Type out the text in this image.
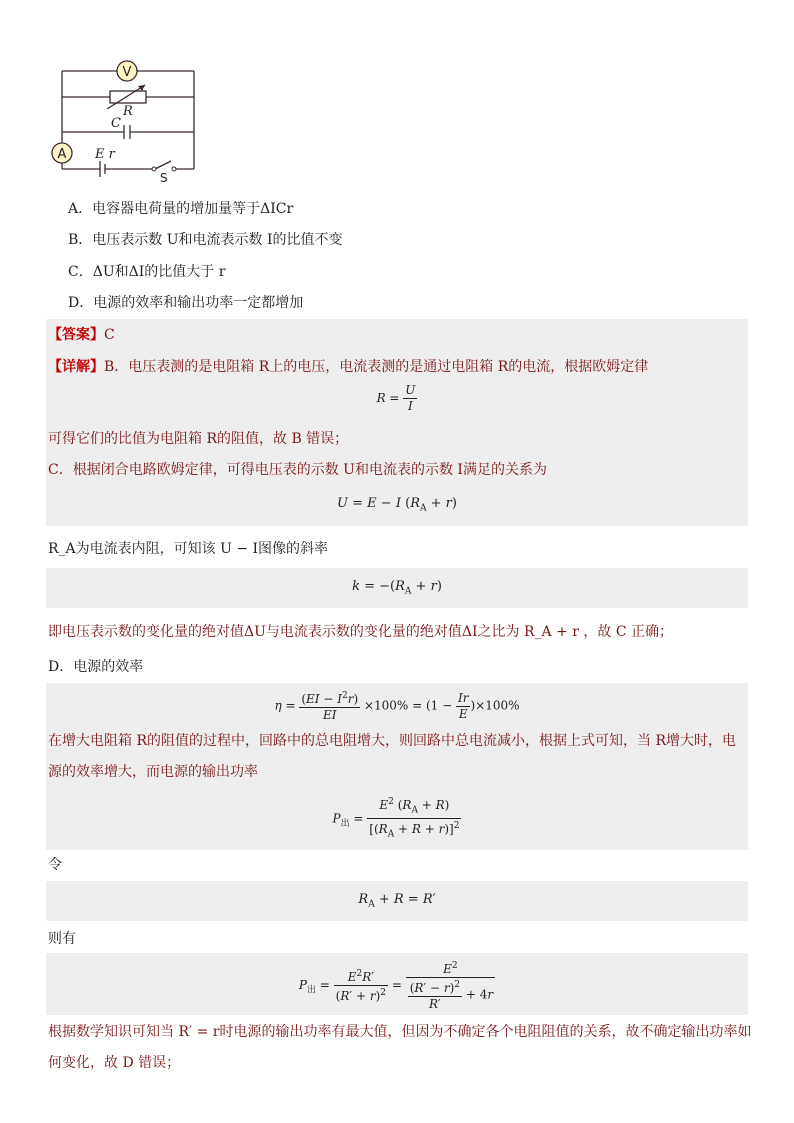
V
A
R
C
E r
S
A．电容器电荷量的增加量等于ΔICr
B．电压表示数 U和电流表示数 I的比值不变
C．ΔU和ΔI的比值大于 r
D．电源的效率和输出功率一定都增加
【答案】C
【详解】B．电压表测的是电阻箱 R上的电压，电流表测的是通过电阻箱 R的电流，根据欧姆定律
$R = \frac{U}{I}$
可得它们的比值为电阻箱 R的阻值，故 B 错误；
C．根据闭合电路欧姆定律，可得电压表的示数 U和电流表的示数 I满足的关系为
U = E − I $(R_A + r)$
R_A为电流表内阻，可知该 U − I图像的斜率
$k = -(R_A + r)$
即电压表示数的变化量的绝对值ΔU与电流表示数的变化量的绝对值ΔI之比为 R_A + r ，故 C 正确；
D．电源的效率
$\eta = \frac{(EI - I^2r)}{EI} \times 100\% = (1 - \frac{Ir}{E} )\times 100\%$
在增大电阻箱 R的阻值的过程中，回路中的总电阻增大，则回路中总电流减小，根据上式可知，当 R增大时，电
源的效率增大，而电源的输出功率
$P_出 = \frac{E^2 (R_A + R)}{[(R_A + R + r)]^2}$
令
$R_A + R = R'$
则有
$P_出 = \frac{E^2R'}{(R' + r)^2} = \frac{E^2}{\frac{(R' - r)^2}{R'} + 4r}$
根据数学知识可知当 R′ = r时电源的输出功率有最大值，但因为不确定各个电阻阻值的关系，故不确定输出功率如
何变化，故 D 错误；
